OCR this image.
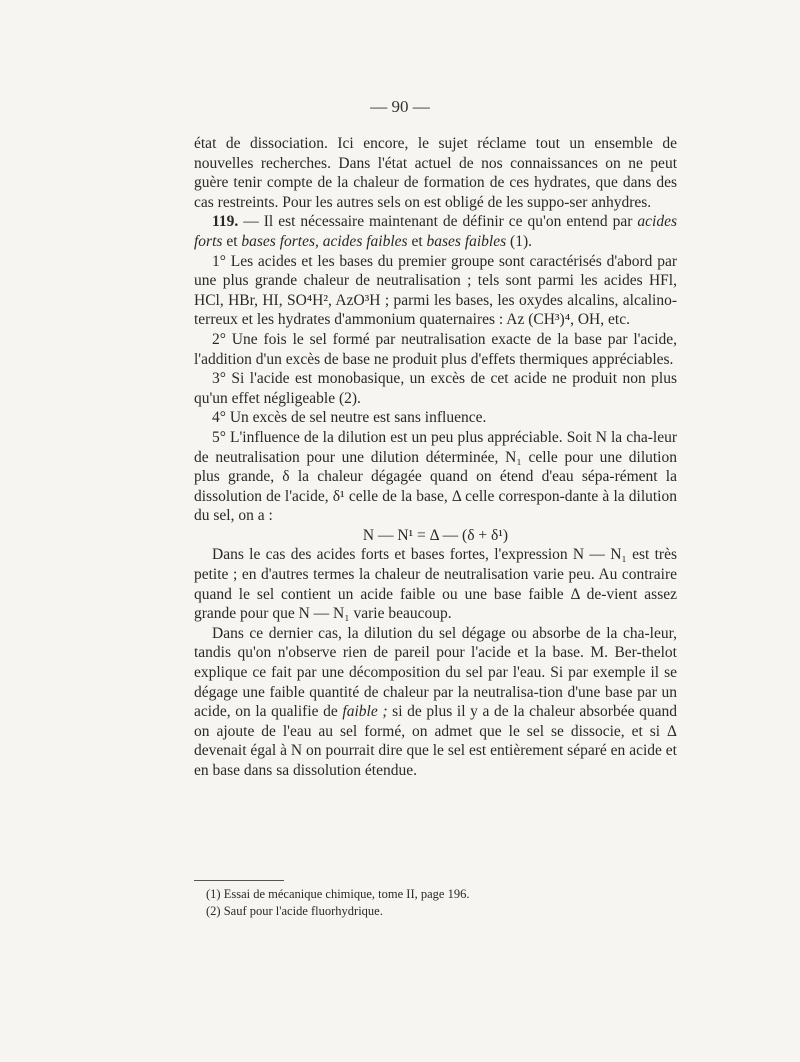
— 90 —

état de dissociation. Ici encore, le sujet réclame tout un ensemble de nouvelles recherches. Dans l'état actuel de nos connaissances on ne peut guère tenir compte de la chaleur de formation de ces hydrates, que dans des cas restreints. Pour les autres sels on est obligé de les suppo-ser anhydres.

119. — Il est nécessaire maintenant de définir ce qu'on entend par acides forts et bases fortes, acides faibles et bases faibles (1).

1° Les acides et les bases du premier groupe sont caractérisés d'abord par une plus grande chaleur de neutralisation ; tels sont parmi les acides HFl, HCl, HBr, HI, SO⁴H², AzO³H ; parmi les bases, les oxydes alcalins, alcalino-terreux et les hydrates d'ammonium quaternaires : Az (CH³)⁴, OH, etc.

2° Une fois le sel formé par neutralisation exacte de la base par l'acide, l'addition d'un excès de base ne produit plus d'effets thermiques appréciables.

3° Si l'acide est monobasique, un excès de cet acide ne produit non plus qu'un effet négligeable (2).

4° Un excès de sel neutre est sans influence.

5° L'influence de la dilution est un peu plus appréciable. Soit N la cha-leur de neutralisation pour une dilution déterminée, N₁ celle pour une dilution plus grande, δ la chaleur dégagée quand on étend d'eau sépa-rément la dissolution de l'acide, δ¹ celle de la base, Δ celle correspon-dante à la dilution du sel, on a :

N — N¹ = Δ — (δ + δ¹)

Dans le cas des acides forts et bases fortes, l'expression N — N₁ est très petite ; en d'autres termes la chaleur de neutralisation varie peu. Au contraire quand le sel contient un acide faible ou une base faible Δ de-vient assez grande pour que N — N₁ varie beaucoup.

Dans ce dernier cas, la dilution du sel dégage ou absorbe de la cha-leur, tandis qu'on n'observe rien de pareil pour l'acide et la base. M. Ber-thelot explique ce fait par une décomposition du sel par l'eau. Si par exemple il se dégage une faible quantité de chaleur par la neutralisa-tion d'une base par un acide, on la qualifie de faible ; si de plus il y a de la chaleur absorbée quand on ajoute de l'eau au sel formé, on admet que le sel se dissocie, et si Δ devenait égal à N on pourrait dire que le sel est entièrement séparé en acide et en base dans sa dissolution étendue.

(1) Essai de mécanique chimique, tome II, page 196.

(2) Sauf pour l'acide fluorhydrique.
